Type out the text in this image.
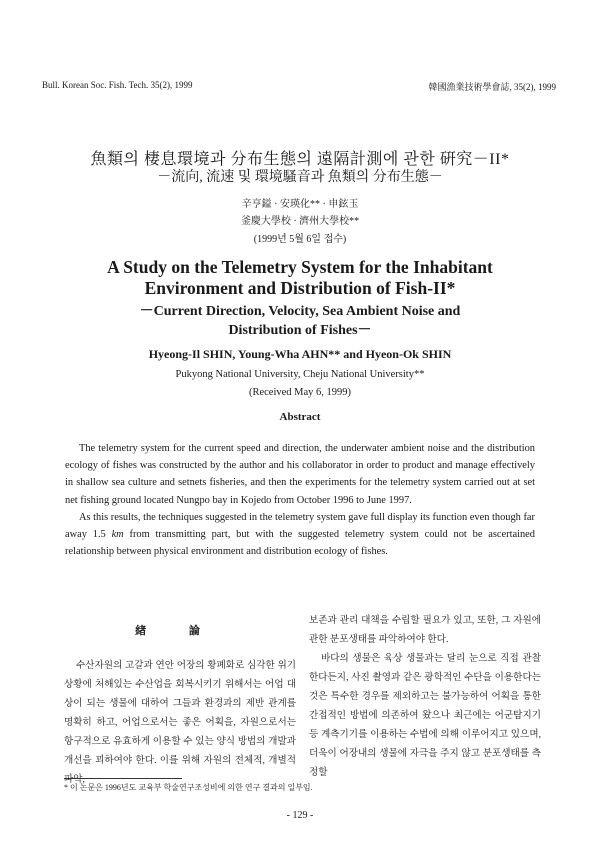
Bull. Korean Soc. Fish. Tech. 35(2), 1999	韓國漁業技術學會誌, 35(2), 1999
魚類의 棲息環境과 分布生態의 遠隔計測에 관한 硏究－II*
－流向, 流速 및 環境騷音과 魚類의 分布生態－
辛亨鎰 · 安瑛化** · 申鉉玉
釜慶大學校 · 濟州大學校**
(1999년 5월 6일 접수)
A Study on the Telemetry System for the Inhabitant
Environment and Distribution of Fish-II*
－Current Direction, Velocity, Sea Ambient Noise and
Distribution of Fishes－
Hyeong-Il SHIN, Young-Wha AHN** and Hyeon-Ok SHIN
Pukyong National University, Cheju National University**
(Received May 6, 1999)
Abstract

The telemetry system for the current speed and direction, the underwater ambient noise and the distribution ecology of fishes was constructed by the author and his collaborator in order to product and manage effectively in shallow sea culture and setnets fisheries, and then the experiments for the telemetry system carried out at set net fishing ground located Nungpo bay in Kojedo from October 1996 to June 1997.

As this results, the techniques suggested in the telemetry system gave full display its function even though far away 1.5 km from transmitting part, but with the suggested telemetry system could not be ascertained relationship between physical environment and distribution ecology of fishes.

緖 論

수산자원의 고갈과 연안 어장의 황폐화로 심각한 위기상황에 처해있는 수산업을 회복시키기 위해서는 어업 대상이 되는 생물에 대하여 그들과 환경과의 제반 관계를 명확히 하고, 어업으로서는 좋은 어획을, 자원으로서는 항구적으로 유효하게 이용할 수 있는 양식 방법의 개발과 개선을 꾀하여야 한다. 이를 위해 자원의 전체적, 개별적 파악,

보존과 관리 대책을 수립할 필요가 있고, 또한, 그 자원에 관한 분포생태를 파악하여야 한다.

바다의 생물은 육상 생물과는 달리 눈으로 직접 관찰한다든지, 사진 촬영과 같은 광학적인 수단을 이용한다는 것은 특수한 경우를 제외하고는 불가능하여 어획을 통한 간접적인 방법에 의존하여 왔으나 최근에는 어군탐지기 등 계측기기를 이용하는 수법에 의해 이루어지고 있으며, 더욱이 어장내의 생물에 자극을 주지 않고 분포생태를 측정할

* 이 논문은 1996년도 교육부 학술연구조성비에 의한 연구 결과의 일부임.
- 129 -
